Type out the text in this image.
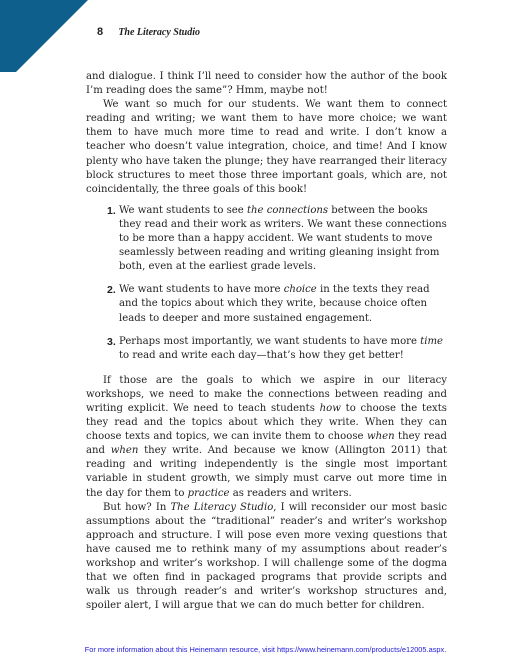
8 The Literacy Studio

and dialogue. I think I’ll need to consider how the author of the book I’m reading does the same”? Hmm, maybe not!

We want so much for our students. We want them to connect reading and writing; we want them to have more choice; we want them to have much more time to read and write. I don’t know a teacher who doesn’t value integration, choice, and time! And I know plenty who have taken the plunge; they have rearranged their literacy block structures to meet those three important goals, which are, not coincidentally, the three goals of this book!

1. We want students to see the connections between the books they read and their work as writers. We want these connections to be more than a happy accident. We want students to move seamlessly between reading and writing gleaning insight from both, even at the earliest grade levels.
2. We want students to have more choice in the texts they read and the topics about which they write, because choice often leads to deeper and more sustained engagement.
3. Perhaps most importantly, we want students to have more time to read and write each day—that’s how they get better!

If those are the goals to which we aspire in our literacy workshops, we need to make the connections between reading and writing explicit. We need to teach students how to choose the texts they read and the topics about which they write. When they can choose texts and topics, we can invite them to choose when they read and when they write. And because we know (Allington 2011) that reading and writing independently is the single most important variable in student growth, we simply must carve out more time in the day for them to practice as readers and writers.

But how? In The Literacy Studio, I will reconsider our most basic assumptions about the “traditional” reader’s and writer’s workshop approach and structure. I will pose even more vexing questions that have caused me to rethink many of my assumptions about reader’s workshop and writer’s workshop. I will challenge some of the dogma that we often find in packaged programs that provide scripts and walk us through reader’s and writer’s workshop structures and, spoiler alert, I will argue that we can do much better for children.

For more information about this Heinemann resource, visit https://www.heinemann.com/products/e12005.aspx.
